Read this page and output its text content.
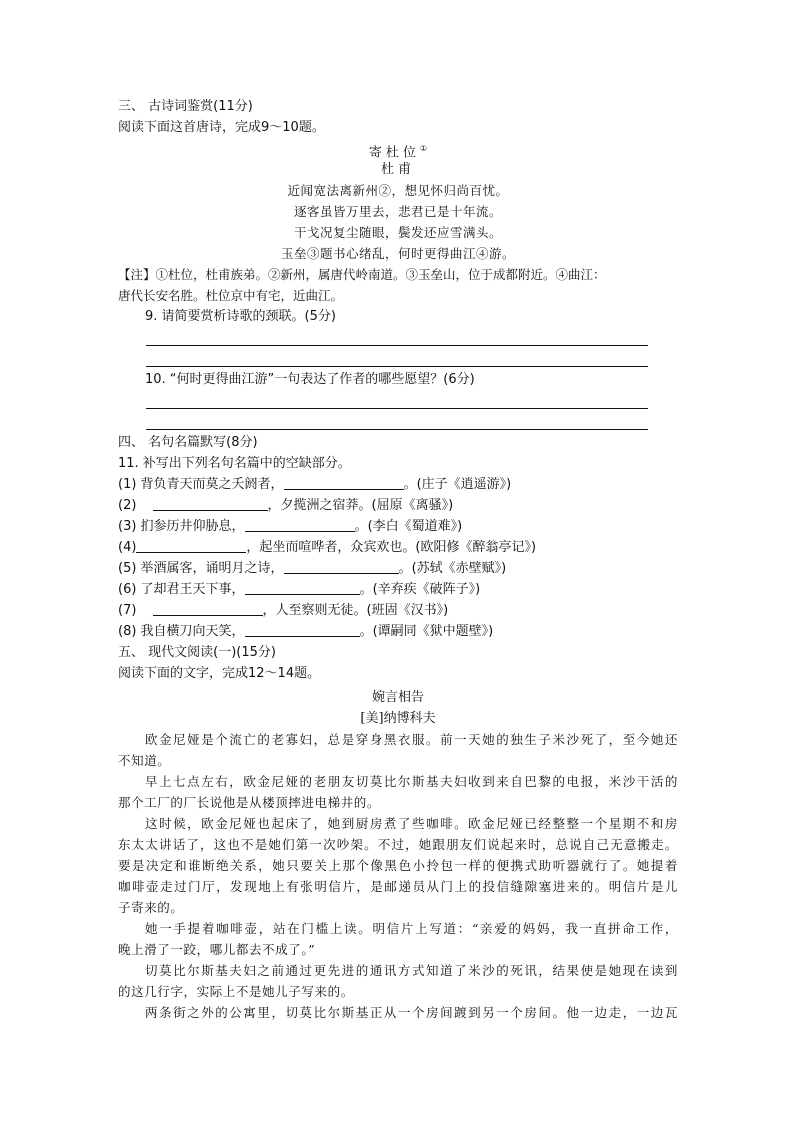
三、 古诗词鉴赏(11分)
阅读下面这首唐诗，完成9～10题。
寄杜位①
杜甫
近闻宽法离新州②，想见怀归尚百忧。
逐客虽皆万里去，悲君已是十年流。
干戈况复尘随眼，鬓发还应雪满头。
玉垒③题书心绪乱，何时更得曲江④游。
【注】①杜位，杜甫族弟。②新州，属唐代岭南道。③玉垒山，位于成都附近。④曲江：
唐代长安名胜。杜位京中有宅，近曲江。
9. 请简要赏析诗歌的颈联。(5分)
10. “何时更得曲江游”一句表达了作者的哪些愿望？(6分)
四、 名句名篇默写(8分)
11. 补写出下列名句名篇中的空缺部分。
(1) 背负青天而莫之夭阏者，	。(庄子《逍遥游》)
(2)	，夕揽洲之宿莽。(屈原《离骚》)
(3) 扪参历井仰胁息，	。(李白《蜀道难》)
(4)	，起坐而喧哗者，众宾欢也。(欧阳修《醉翁亭记》)
(5) 举酒属客，诵明月之诗，	。(苏轼《赤壁赋》)
(6) 了却君王天下事，	。(辛弃疾《破阵子》)
(7)	，人至察则无徒。(班固《汉书》)
(8) 我自横刀向天笑，	。(谭嗣同《狱中题壁》)
五、 现代文阅读(一)(15分)
阅读下面的文字，完成12～14题。
婉言相告
[美]纳博科夫
欧金尼娅是个流亡的老寡妇，总是穿身黑衣服。前一天她的独生子米沙死了，至今她还
不知道。
早上七点左右，欧金尼娅的老朋友切莫比尔斯基夫妇收到来自巴黎的电报，米沙干活的
那个工厂的厂长说他是从楼顶摔进电梯井的。
这时候，欧金尼娅也起床了，她到厨房煮了些咖啡。欧金尼娅已经整整一个星期不和房
东太太讲话了，这也不是她们第一次吵架。不过，她跟朋友们说起来时，总说自己无意搬走。
要是决定和谁断绝关系，她只要关上那个像黑色小拎包一样的便携式助听器就行了。她提着
咖啡壶走过门厅，发现地上有张明信片，是邮递员从门上的投信缝隙塞进来的。明信片是儿
子寄来的。
她一手提着咖啡壶，站在门槛上读。明信片上写道：“亲爱的妈妈，我一直拼命工作，
晚上滑了一跤，哪儿都去不成了。”
切莫比尔斯基夫妇之前通过更先进的通讯方式知道了米沙的死讯，结果使是她现在读到
的这几行字，实际上不是她儿子写来的。
两条街之外的公寓里，切莫比尔斯基正从一个房间踱到另一个房间。他一边走，一边瓦
